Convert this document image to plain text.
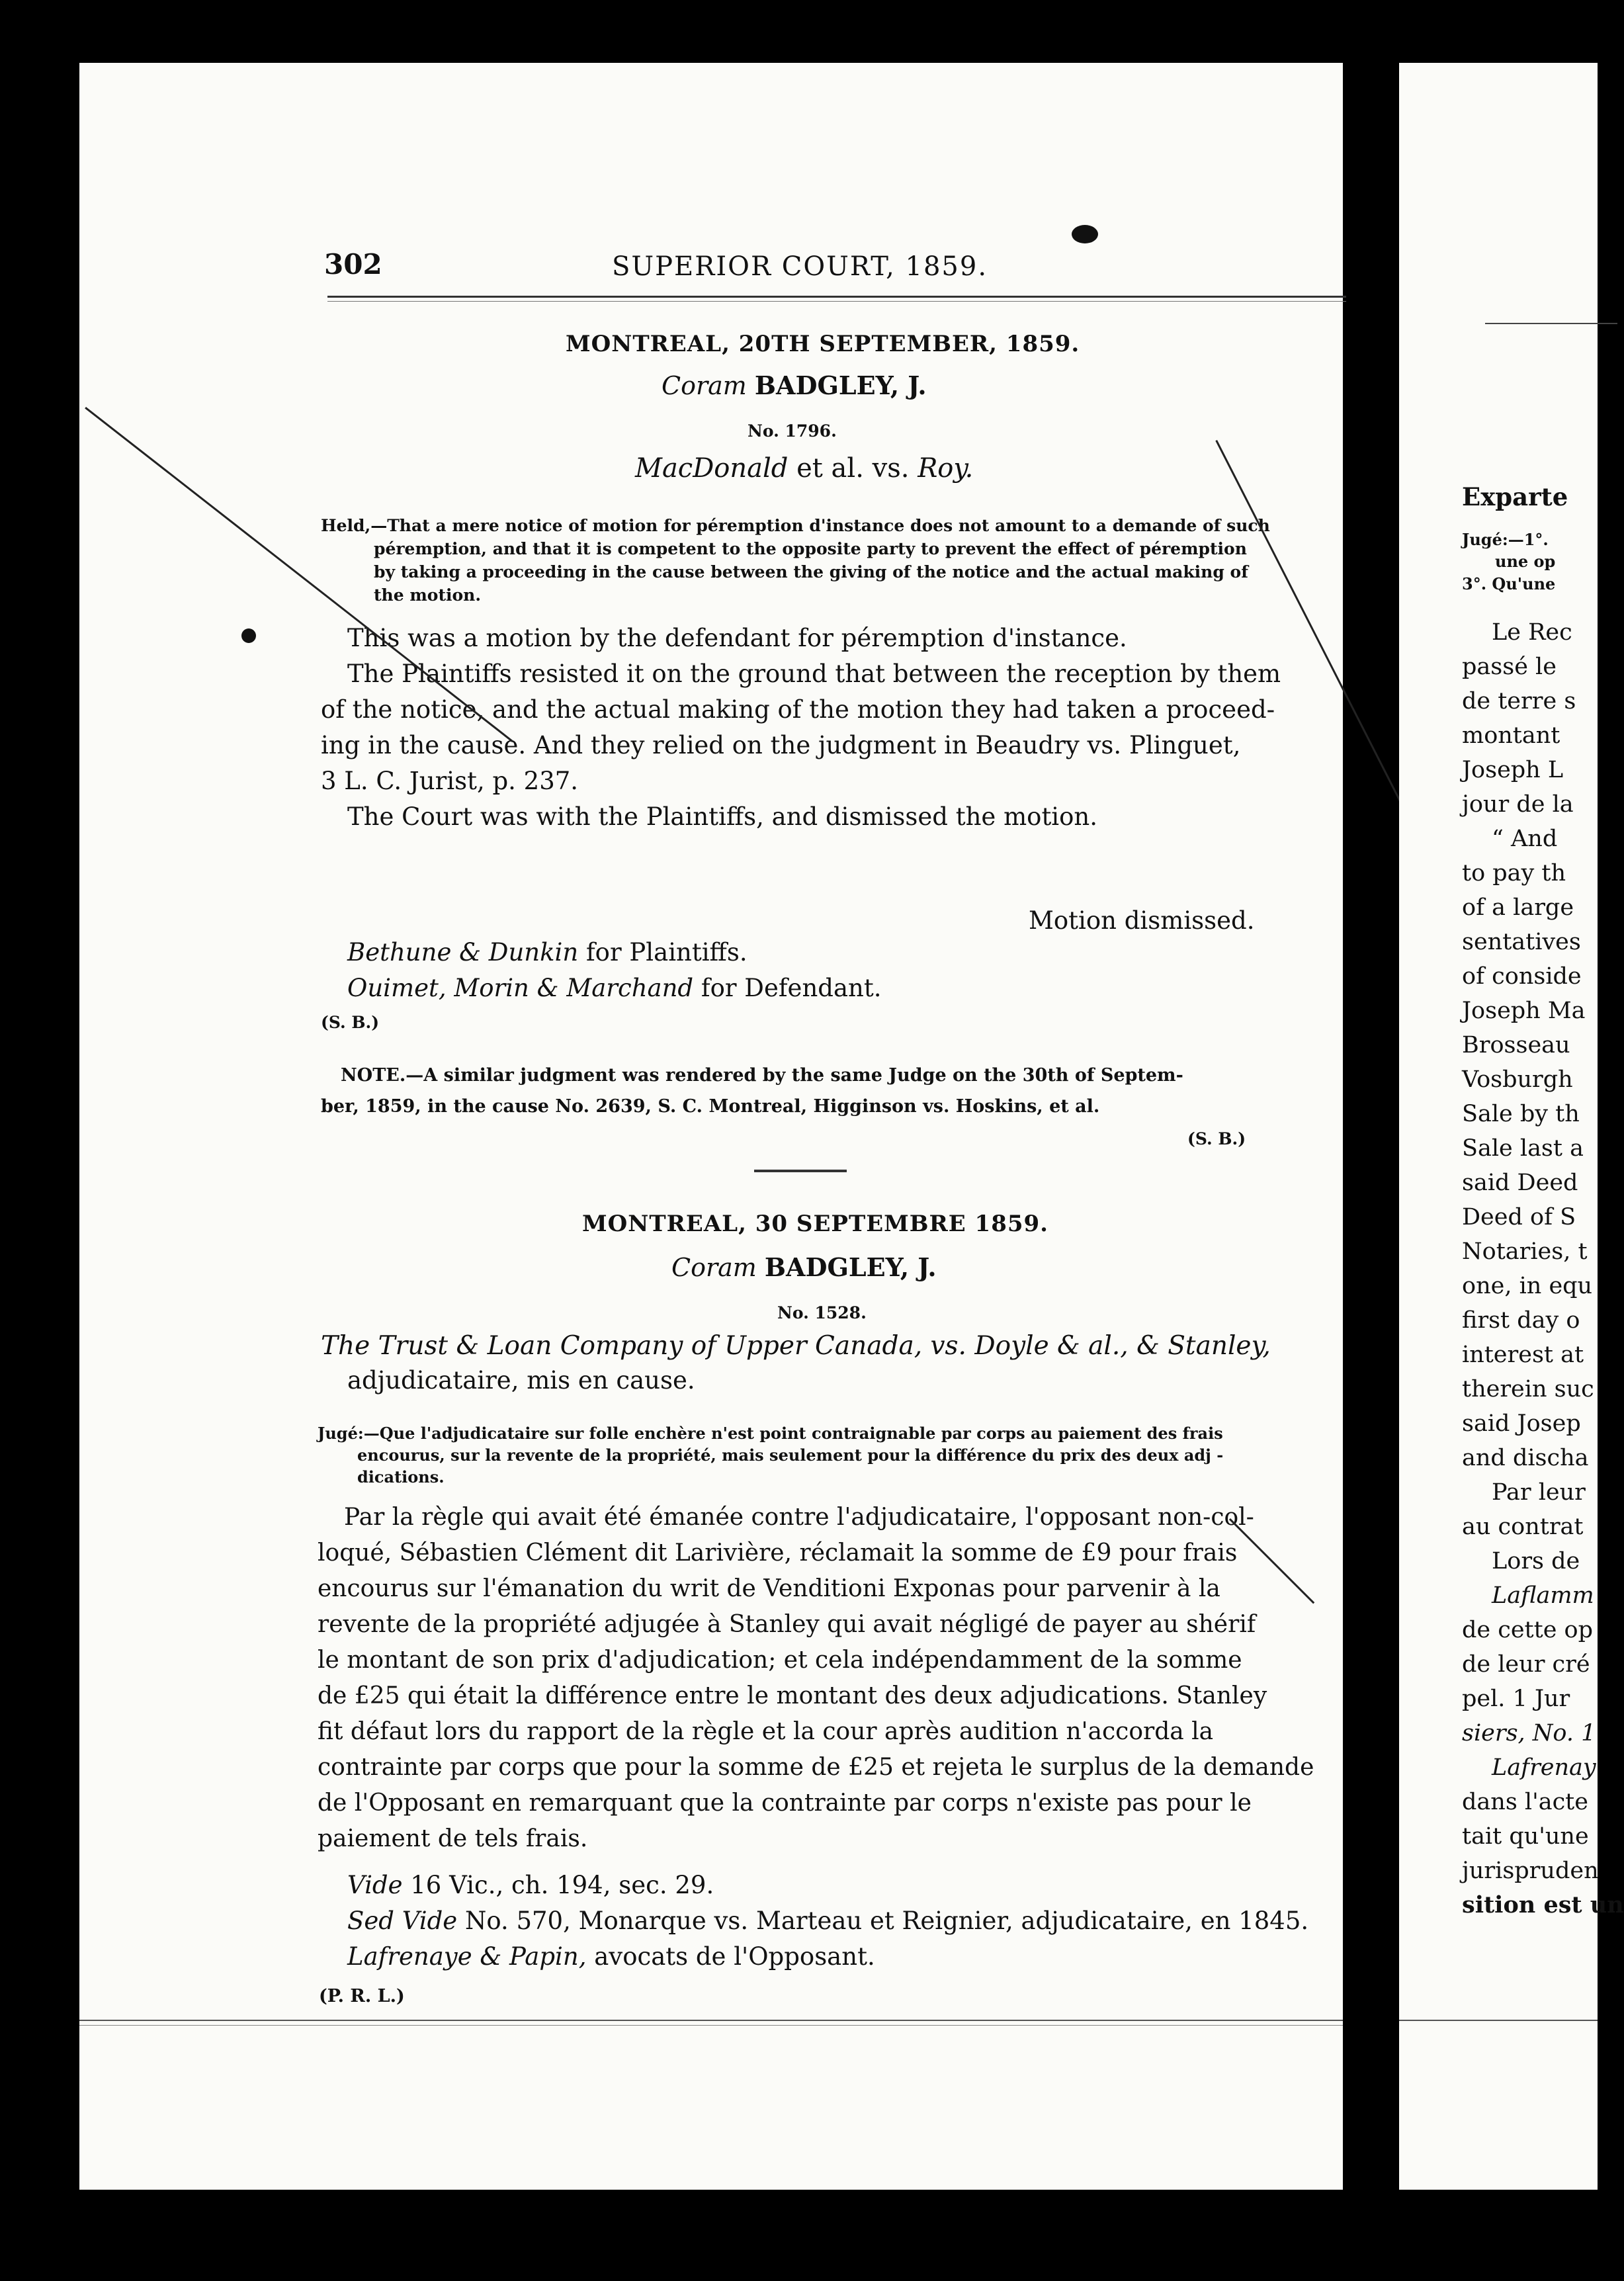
302	SUPERIOR COURT, 1859.
MONTREAL, 20TH SEPTEMBER, 1859.
Coram BADGLEY, J.
No. 1796.
MacDonald et al. vs. Roy.
Held,—That a mere notice of motion for péremption d'instance does not amount to a demande of such
péremption, and that it is competent to the opposite party to prevent the effect of péremption
by taking a proceeding in the cause between the giving of the notice and the actual making of
the motion.
This was a motion by the defendant for péremption d'instance.
The Plaintiffs resisted it on the ground that between the reception by them
of the notice, and the actual making of the motion they had taken a proceed-
ing in the cause. And they relied on the judgment in Beaudry vs. Plinguet,
3 L. C. Jurist, p. 237.
The Court was with the Plaintiffs, and dismissed the motion.
Motion dismissed.
Bethune & Dunkin for Plaintiffs.
Ouimet, Morin & Marchand for Defendant.
(S. B.)
NOTE.—A similar judgment was rendered by the same Judge on the 30th of Septem-
ber, 1859, in the cause No. 2639, S. C. Montreal, Higginson vs. Hoskins, et al.
(S. B.)
MONTREAL, 30 SEPTEMBRE 1859.
Coram BADGLEY, J.
No. 1528.
The Trust & Loan Company of Upper Canada, vs. Doyle & al., & Stanley,
adjudicataire, mis en cause.
Jugé:—Que l'adjudicataire sur folle enchère n'est point contraignable par corps au paiement des frais
encourus, sur la revente de la propriété, mais seulement pour la différence du prix des deux adj -
dications.
Par la règle qui avait été émanée contre l'adjudicataire, l'opposant non-col-
loqué, Sébastien Clément dit Larivière, réclamait la somme de £9 pour frais
encourus sur l'émanation du writ de Venditioni Exponas pour parvenir à la
revente de la propriété adjugée à Stanley qui avait négligé de payer au shérif
le montant de son prix d'adjudication; et cela indépendamment de la somme
de £25 qui était la différence entre le montant des deux adjudications. Stanley
fit défaut lors du rapport de la règle et la cour après audition n'accorda la
contrainte par corps que pour la somme de £25 et rejeta le surplus de la demande
de l'Opposant en remarquant que la contrainte par corps n'existe pas pour le
paiement de tels frais.
Vide 16 Vic., ch. 194, sec. 29.
Sed Vide No. 570, Monarque vs. Marteau et Reignier, adjudicataire, en 1845.
Lafrenaye & Papin, avocats de l'Opposant.
(P. R. L.)
Exparte
Jugé:—1°.
une op
3°. Qu'une
Le Rec
passé le
de terre s
montant
Joseph L
jour de la
“ And
to pay th
of a large
sentatives
of conside
Joseph Ma
Brosseau
Vosburgh
Sale by th
Sale last a
said Deed
Deed of S
Notaries, t
one, in equ
first day o
interest at
therein suc
said Josep
and discha
Par leur
au contrat
Lors de
Laflamm
de cette op
de leur cré
pel. 1 Jur
siers, No. 1
Lafrenay
dans l'acte
tait qu'une
jurispruden
sition est un
